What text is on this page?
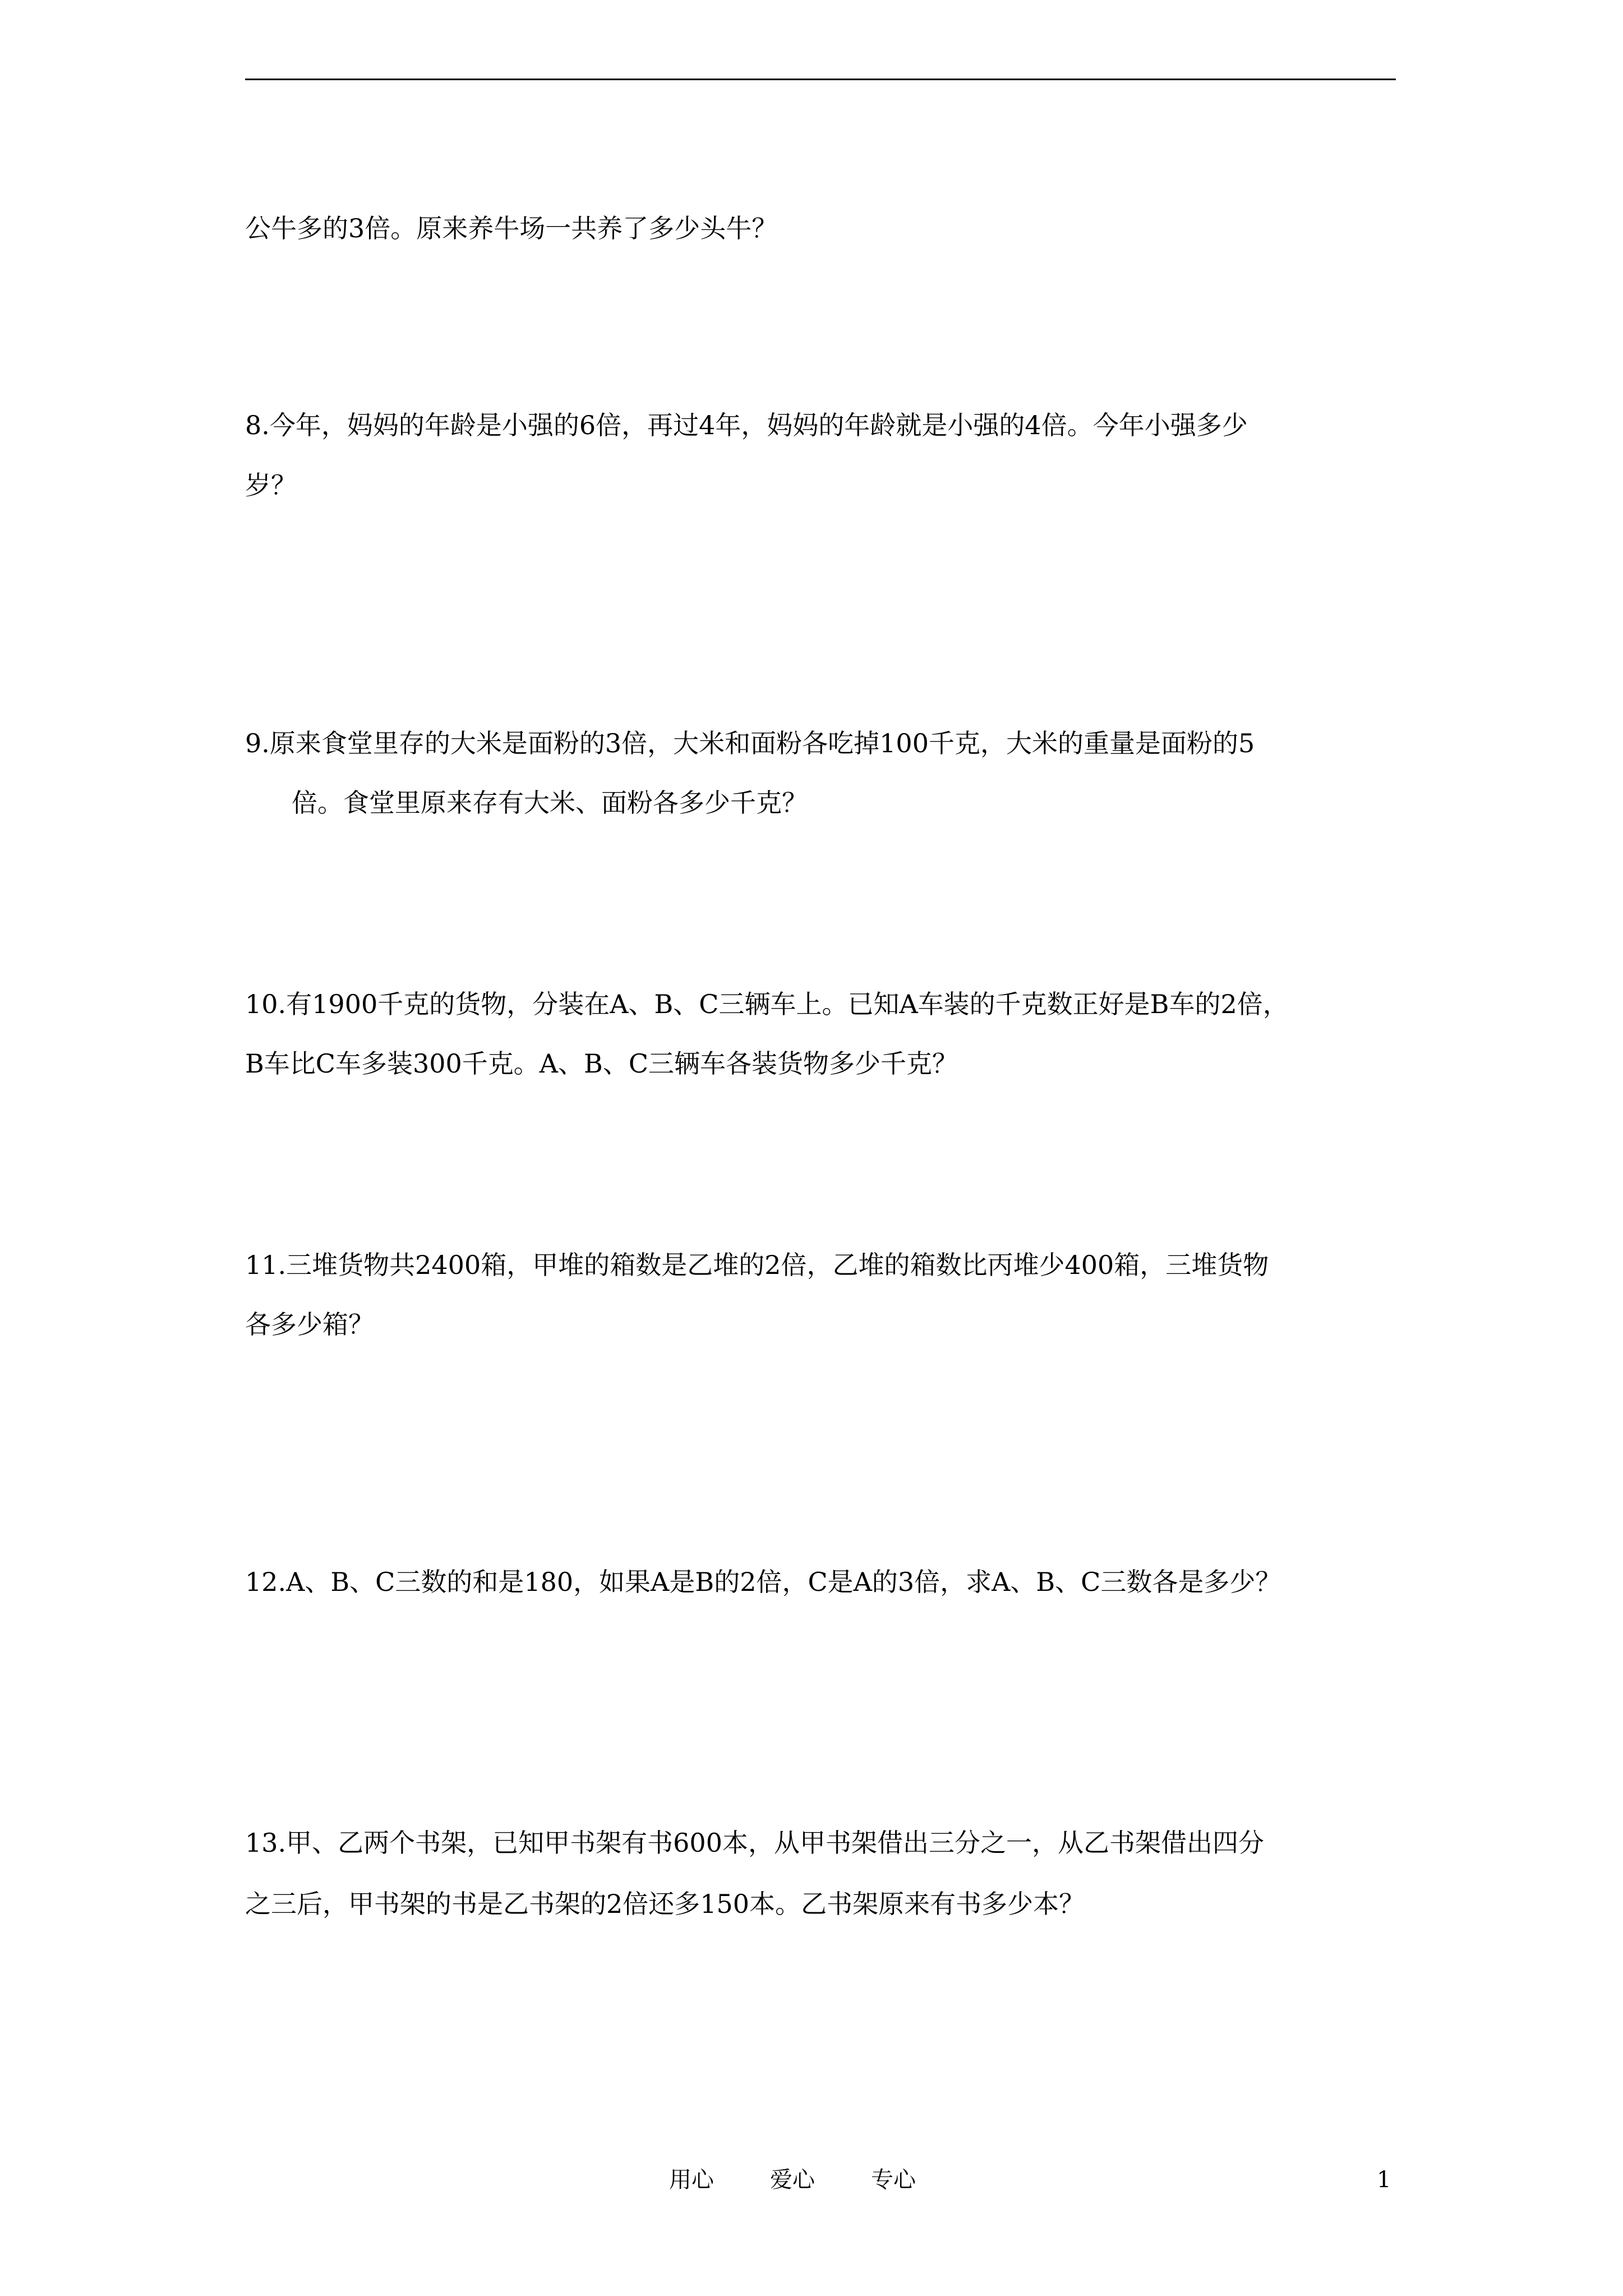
公牛多的3倍。原来养牛场一共养了多少头牛？

8.今年，妈妈的年龄是小强的6倍，再过4年，妈妈的年龄就是小强的4倍。今年小强多少

岁？

9.原来食堂里存的大米是面粉的3倍，大米和面粉各吃掉100千克，大米的重量是面粉的5

倍。食堂里原来存有大米、面粉各多少千克？

10.有1900千克的货物，分装在A、B、C三辆车上。已知A车装的千克数正好是B车的2倍，

B车比C车多装300千克。A、B、C三辆车各装货物多少千克？

11.三堆货物共2400箱，甲堆的箱数是乙堆的2倍，乙堆的箱数比丙堆少400箱，三堆货物

各多少箱？

12.A、B、C三数的和是180，如果A是B的2倍，C是A的3倍，求A、B、C三数各是多少？

13.甲、乙两个书架，已知甲书架有书600本，从甲书架借出三分之一，从乙书架借出四分

之三后，甲书架的书是乙书架的2倍还多150本。乙书架原来有书多少本？

用心	爱心	专心	1
